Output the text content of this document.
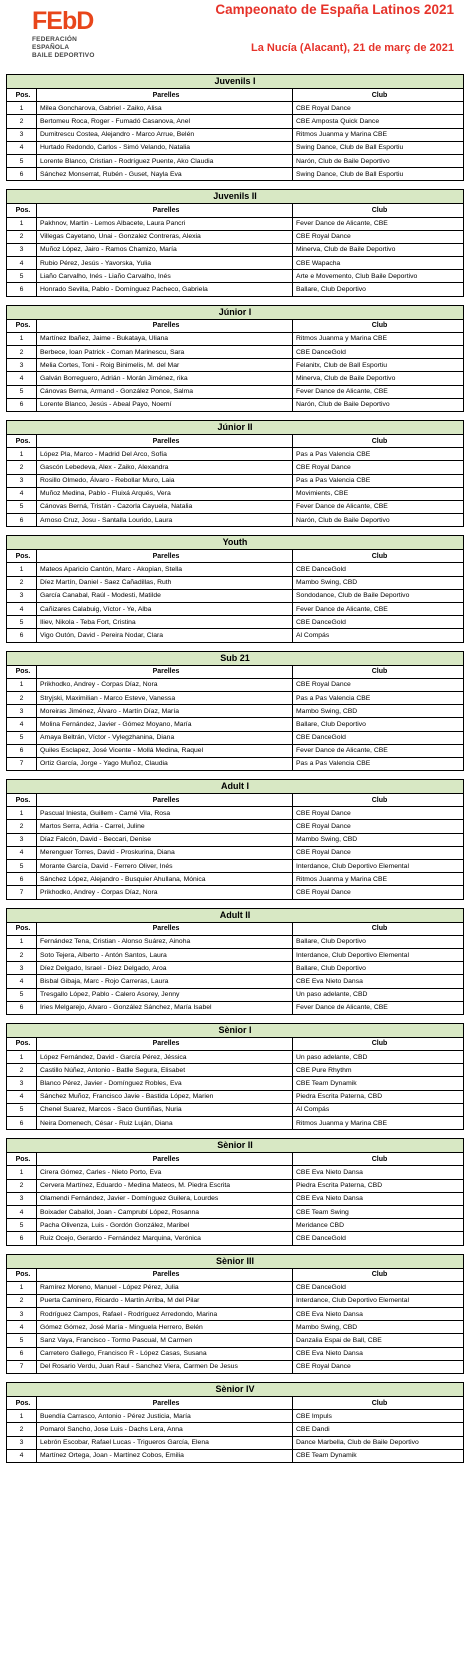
FEbD
FEDERACIÓN ESPAÑOLA
BAILE DEPORTIVO
Campeonato de España Latinos 2021
La Nucía (Alacant), 21 de març de 2021
Juvenils I		
Pos.	Parelles	Club
1	Milea Goncharova, Gabriel - Zaiko, Alisa	CBE Royal Dance
2	Bertomeu Roca, Roger - Fumadó Casanova, Anel	CBE Amposta Quick Dance
3	Dumitrescu Costea, Alejandro - Marco Arrue, Belén	Ritmos Juanma y Marina CBE
4	Hurtado Redondo, Carlos - Simó Velando, Natalia	Swing Dance, Club de Ball Esportiu
5	Lorente Blanco, Cristian - Rodríguez Puente, Ako Claudia	Narón, Club de Baile Deportivo
6	Sánchez Monserrat, Rubén - Guset, Nayla Eva	Swing Dance, Club de Ball Esportiu
Juvenils II		
Pos.	Parelles	Club
1	Pakhnov, Martin - Lemos Albacete, Laura Pancri	Fever Dance de Alicante, CBE
2	Villegas Cayetano, Unai - Gonzalez Contreras, Alexia	CBE Royal Dance
3	Muñoz López, Jairo - Ramos Chamizo, María	Minerva, Club de Baile Deportivo
4	Rubio Pérez, Jesús - Yavorska, Yulia	CBE Wapacha
5	Liaño Carvalho, Inés - Liaño Carvalho, Inés	Arte e Movemento, Club Baile Deportivo
6	Honrado Sevilla, Pablo - Domínguez Pacheco, Gabriela	Ballare, Club Deportivo
Júnior I		
Pos.	Parelles	Club
1	Martínez Ibañez, Jaime - Bukataya, Uliana	Ritmos Juanma y Marina CBE
2	Berbece, Ioan Patrick - Coman Marinescu, Sara	CBE DanceGold
3	Melia Cortes, Toni - Roig Binimelis, M. del Mar	Felanitx, Club de Ball Esportiu
4	Galván Borreguero, Adrián - Morán Jiménez, rika	Minerva, Club de Baile Deportivo
5	Cánovas Berna, Armand - González Ponce, Salma	Fever Dance de Alicante, CBE
6	Lorente Blanco, Jesús - Abeal Payo, Noemí	Narón, Club de Baile Deportivo
Júnior II		
Pos.	Parelles	Club
1	López Pla, Marco - Madrid Del Arco, Sofía	Pas a Pas Valencia CBE
2	Gascón Lebedeva, Alex - Zaiko, Alexandra	CBE Royal Dance
3	Rosillo Olmedo, Álvaro - Rebollar Muro, Laia	Pas a Pas Valencia CBE
4	Muñoz Medina, Pablo - Fluixá Arqués, Vera	Movimients, CBE
5	Cánovas Berná, Tristán - Cazorla Cayuela, Natalia	Fever Dance de Alicante, CBE
6	Arnoso Cruz, Josu - Santalla Lourido, Laura	Narón, Club de Baile Deportivo
Youth		
Pos.	Parelles	Club
1	Mateos Aparicio Cantón, Marc - Akopian, Stella	CBE DanceGold
2	Díez Martín, Daniel - Saez Cañadillas, Ruth	Mambo Swing, CBD
3	García Canabal, Raúl - Modesti, Matilde	Sondodance, Club de Baile Deportivo
4	Cañizares Calabuig, Víctor - Ye, Alba	Fever Dance de Alicante, CBE
5	Iliev, Nikola - Teba Fort, Cristina	CBE DanceGold
6	Vigo Outón, David - Pereira Nodar, Clara	Al Compás
Sub 21		
Pos.	Parelles	Club
1	Prikhodko, Andrey - Corpas Díaz, Nora	CBE Royal Dance
2	Stryjski, Maximilian - Marco Esteve, Vanessa	Pas a Pas Valencia CBE
3	Moreiras Jiménez, Álvaro - Martín Díaz, María	Mambo Swing, CBD
4	Molina Fernández, Javier - Gómez Moyano, María	Ballare, Club Deportivo
5	Amaya Beltrán, Víctor - Vylegzhanina, Diana	CBE DanceGold
6	Quiles Esclapez, José Vicente - Mollá Medina, Raquel	Fever Dance de Alicante, CBE
7	Ortiz García, Jorge - Yago Muñoz, Claudia	Pas a Pas Valencia CBE
Adult I		
Pos.	Parelles	Club
1	Pascual Iniesta, Guillem - Carné Vila, Rosa	CBE Royal Dance
2	Martos Serra, Adria - Carrel, Juline	CBE Royal Dance
3	Díaz Falcón, David - Beccari, Denise	Mambo Swing, CBD
4	Merenguer Torres, David - Proskurina, Diana	CBE Royal Dance
5	Morante García, David - Ferrero Oliver, Inés	Interdance, Club Deportivo Elemental
6	Sánchez López, Alejandro - Busquier Ahullana, Mónica	Ritmos Juanma y Marina CBE
7	Prikhodko, Andrey - Corpas Díaz, Nora	CBE Royal Dance
Adult II		
Pos.	Parelles	Club
1	Fernández Tena, Cristian - Alonso Suárez, Ainoha	Ballare, Club Deportivo
2	Soto Tejera, Alberto - Antón Santos, Laura	Interdance, Club Deportivo Elemental
3	Díez Delgado, Israel - Díez Delgado, Aroa	Ballare, Club Deportivo
4	Bisbal Gibaja, Marc - Rojo Carreras, Laura	CBE Eva Nieto Dansa
5	Tresgallo López, Pablo - Calero Asorey, Jenny	Un paso adelante, CBD
6	Iries Melgarejo, Alvaro - González Sánchez, María Isabel	Fever Dance de Alicante, CBE
Sènior I		
Pos.	Parelles	Club
1	López Fernández, David - García Pérez, Jéssica	Un paso adelante, CBD
2	Castillo Núñez, Antonio - Batlle Segura, Elisabet	CBE Pure Rhythm
3	Blanco Pérez, Javier - Domínguez Robles, Eva	CBE Team Dynamik
4	Sánchez Muñoz, Francisco Javie - Bastida López, Marien	Piedra Escrita Paterna, CBD
5	Chenel Suarez, Marcos - Saco Guntiñas, Nuria	Al Compás
6	Neira Domenech, César - Ruiz Luján, Diana	Ritmos Juanma y Marina CBE
Sènior II		
Pos.	Parelles	Club
1	Cirera Gómez, Carles - Nieto Porto, Eva	CBE Eva Nieto Dansa
2	Cervera Martínez, Eduardo - Medina Mateos, M. Piedra Escrita	Piedra Escrita Paterna, CBD
3	Olamendi Fernández, Javier - Domínguez Guilera, Lourdes	CBE Eva Nieto Dansa
4	Boixader Caballol, Joan - Camprubí López, Rosanna	CBE Team Swing
5	Pacha Olivenza, Luis - Gordón González, Maribel	Meridance CBD
6	Ruiz Ocejo, Gerardo - Fernández Marquina, Verónica	CBE DanceGold
Sènior III		
Pos.	Parelles	Club
1	Ramírez Moreno, Manuel - López Pérez, Julia	CBE DanceGold
2	Puerta Caminero, Ricardo - Martín Arriba, M del Pilar	Interdance, Club Deportivo Elemental
3	Rodríguez Campos, Rafael - Rodríguez Arredondo, Marina	CBE Eva Nieto Dansa
4	Gómez Gómez, José María - Minguela Herrero, Belén	Mambo Swing, CBD
5	Sanz Vaya, Francisco - Tormo Pascual, M Carmen	Danzalia Espai de Ball, CBE
6	Carretero Gallego, Francisco R - López Casas, Susana	CBE Eva Nieto Dansa
7	Del Rosario Verdu, Juan Raul - Sanchez Viera, Carmen De Jesus	CBE Royal Dance
Sènior IV		
Pos.	Parelles	Club
1	Buendía Carrasco, Antonio - Pérez Justicia, María	CBE Impuls
2	Pomarol Sancho, Jose Luis - Dachs Lera, Anna	CBE Dandi
3	Lebrón Escobar, Rafael Lucas - Trigueros García, Elena	Dance Marbella, Club de Baile Deportivo
4	Martínez Ortega, Joan - Martínez Cobos, Emilia	CBE Team Dynamik
